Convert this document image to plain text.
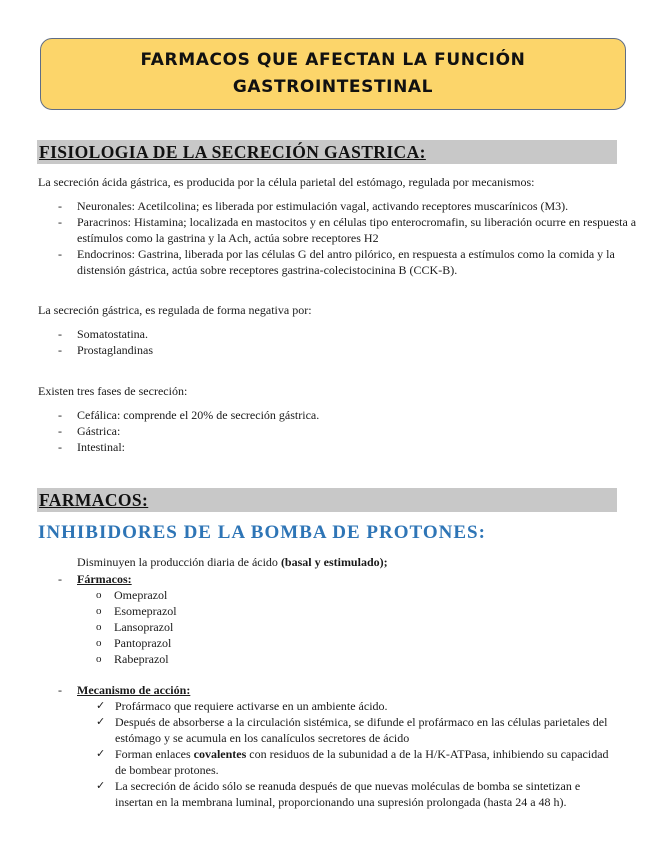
FARMACOS QUE AFECTAN LA FUNCIÓN
GASTROINTESTINAL
FISIOLOGIA DE LA SECRECIÓN GASTRICA:
La secreción ácida gástrica, es producida por la célula parietal del estómago, regulada por mecanismos:
- Neuronales: Acetilcolina; es liberada por estimulación vagal, activando receptores muscarínicos (M3).
- Paracrinos: Histamina; localizada en mastocitos y en células tipo enterocromafin, su liberación ocurre en respuesta a estímulos como la gastrina y la Ach, actúa sobre receptores H2
- Endocrinos: Gastrina, liberada por las células G del antro pilórico, en respuesta a estímulos como la comida y la distensión gástrica, actúa sobre receptores gastrina-colecistocinina B (CCK-B).
La secreción gástrica, es regulada de forma negativa por:
- Somatostatina.
- Prostaglandinas
Existen tres fases de secreción:
- Cefálica: comprende el 20% de secreción gástrica.
- Gástrica:
- Intestinal:
FARMACOS:
INHIBIDORES DE LA BOMBA DE PROTONES:
Disminuyen la producción diaria de ácido (basal y estimulado);
- Fármacos:
o Omeprazol
o Esomeprazol
o Lansoprazol
o Pantoprazol
o Rabeprazol
- Mecanismo de acción:
✓ Profármaco que requiere activarse en un ambiente ácido.
✓ Después de absorberse a la circulación sistémica, se difunde el profármaco en las células parietales del estómago y se acumula en los canalículos secretores de ácido
✓ Forman enlaces covalentes con residuos de la subunidad a de la H/K-ATPasa, inhibiendo su capacidad de bombear protones.
✓ La secreción de ácido sólo se reanuda después de que nuevas moléculas de bomba se sintetizan e insertan en la membrana luminal, proporcionando una supresión prolongada (hasta 24 a 48 h).
